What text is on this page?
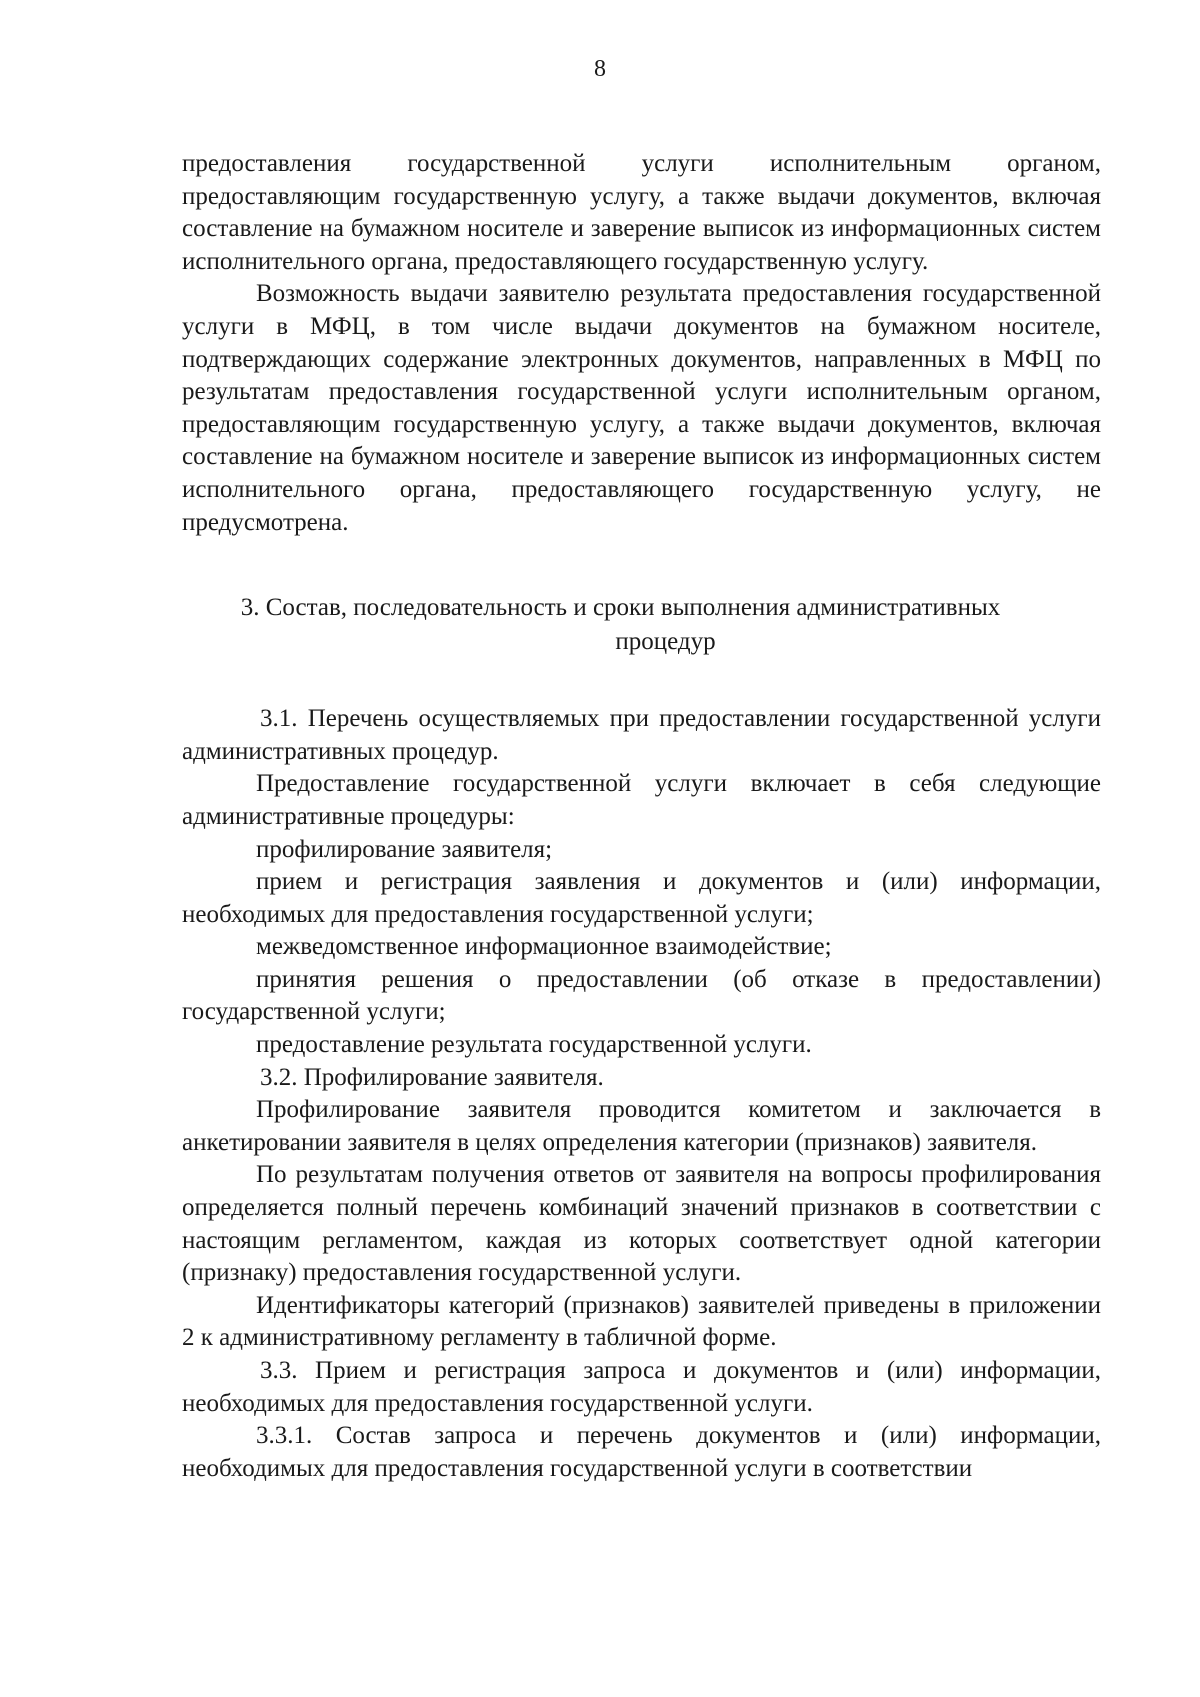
8

предоставления государственной услуги исполнительным органом, предоставляющим государственную услугу, а также выдачи документов, включая составление на бумажном носителе и заверение выписок из информационных систем исполнительного органа, предоставляющего государственную услугу.

Возможность выдачи заявителю результата предоставления государственной услуги в МФЦ, в том числе выдачи документов на бумажном носителе, подтверждающих содержание электронных документов, направленных в МФЦ по результатам предоставления государственной услуги исполнительным органом, предоставляющим государственную услугу, а также выдачи документов, включая составление на бумажном носителе и заверение выписок из информационных систем исполнительного органа, предоставляющего государственную услугу, не предусмотрена.

3. Состав, последовательность и сроки выполнения административных
процедур

3.1. Перечень осуществляемых при предоставлении государственной услуги административных процедур.

Предоставление государственной услуги включает в себя следующие административные процедуры:

профилирование заявителя;

прием и регистрация заявления и документов и (или) информации, необходимых для предоставления государственной услуги;

межведомственное информационное взаимодействие;

принятия решения о предоставлении (об отказе в предоставлении) государственной услуги;

предоставление результата государственной услуги.

3.2. Профилирование заявителя.

Профилирование заявителя проводится комитетом и заключается в анкетировании заявителя в целях определения категории (признаков) заявителя.

По результатам получения ответов от заявителя на вопросы профилирования определяется полный перечень комбинаций значений признаков в соответствии с настоящим регламентом, каждая из которых соответствует одной категории (признаку) предоставления государственной услуги.

Идентификаторы категорий (признаков) заявителей приведены в приложении 2 к административному регламенту в табличной форме.

3.3. Прием и регистрация запроса и документов и (или) информации, необходимых для предоставления государственной услуги.

3.3.1. Состав запроса и перечень документов и (или) информации, необходимых для предоставления государственной услуги в соответствии
